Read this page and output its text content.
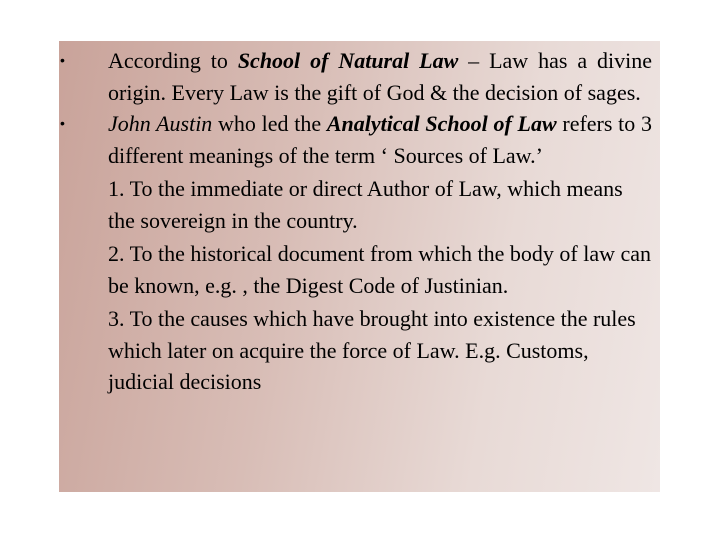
• According to School of Natural Law – Law has a divine origin. Every Law is the gift of God & the decision of sages.
• John Austin who led the Analytical School of Law refers to 3 different meanings of the term ‘ Sources of Law.’
1. To the immediate or direct Author of Law, which means the sovereign in the country.
2. To the historical document from which the body of law can be known, e.g. , the Digest Code of Justinian.
3. To the causes which have brought into existence the rules which later on acquire the force of Law. E.g. Customs, judicial decisions
